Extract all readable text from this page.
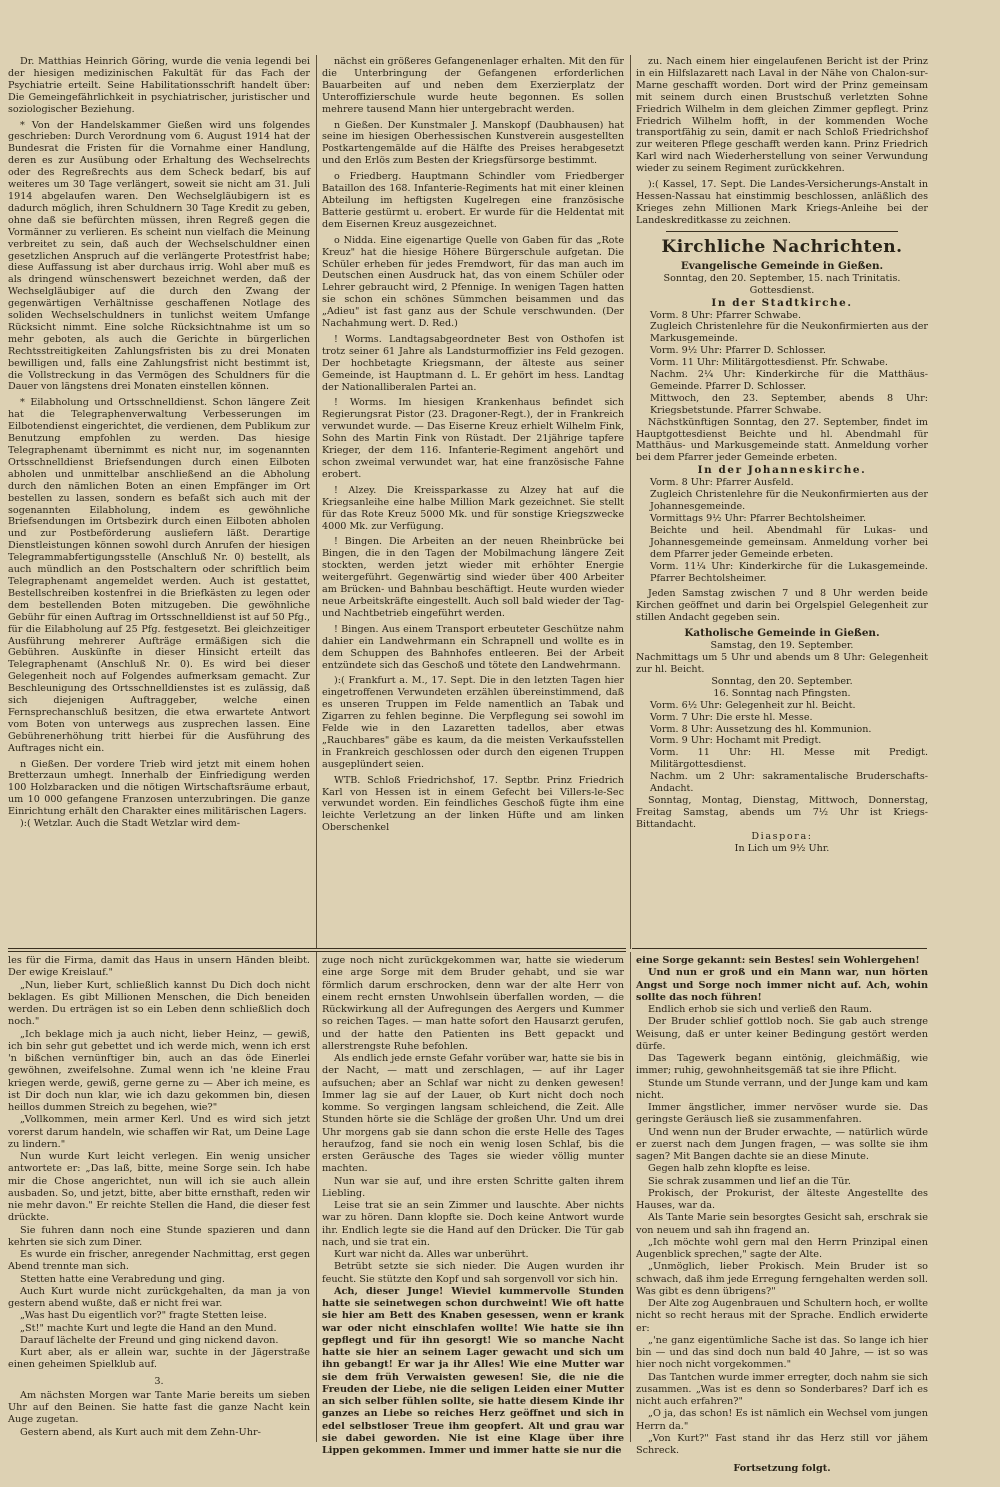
Dr. Matthias Heinrich Göring, wurde die venia legendi bei der hiesigen medizinischen Fakultät für das Fach der Psychiatrie erteilt. Seine Habilitationsschrift handelt über: Die Gemeingefährlichkeit in psychiatrischer, juristischer und soziologischer Beziehung.

* Von der Handelskammer Gießen wird uns folgendes geschrieben: Durch Verordnung vom 6. August 1914 hat der Bundesrat die Fristen für die Vornahme einer Handlung, deren es zur Ausübung oder Erhaltung des Wechselrechts oder des Regreßrechts aus dem Scheck bedarf, bis auf weiteres um 30 Tage verlängert, soweit sie nicht am 31. Juli 1914 abgelaufen waren. Den Wechselgläubigern ist es dadurch möglich, ihren Schuldnern 30 Tage Kredit zu geben, ohne daß sie befürchten müssen, ihren Regreß gegen die Vormänner zu verlieren. Es scheint nun vielfach die Meinung verbreitet zu sein, daß auch der Wechselschuldner einen gesetzlichen Anspruch auf die verlängerte Protestfrist habe; diese Auffassung ist aber durchaus irrig. Wohl aber muß es als dringend wünschenswert bezeichnet werden, daß der Wechselgläubiger auf die durch den Zwang der gegenwärtigen Verhältnisse geschaffenen Notlage des soliden Wechselschuldners in tunlichst weitem Umfange Rücksicht nimmt. Eine solche Rücksichtnahme ist um so mehr geboten, als auch die Gerichte in bürgerlichen Rechtsstreitigkeiten Zahlungsfristen bis zu drei Monaten bewilligen und, falls eine Zahlungsfrist nicht bestimmt ist, die Vollstreckung in das Vermögen des Schuldners für die Dauer von längstens drei Monaten einstellen können.

* Eilabholung und Ortsschnelldienst. Schon längere Zeit hat die Telegraphenverwaltung Verbesserungen im Eilbotendienst eingerichtet, die verdienen, dem Publikum zur Benutzung empfohlen zu werden. Das hiesige Telegraphenamt übernimmt es nicht nur, im sogenannten Ortsschnelldienst Briefsendungen durch einen Eilboten abholen und unmittelbar anschließend an die Abholung durch den nämlichen Boten an einen Empfänger im Ort bestellen zu lassen, sondern es befaßt sich auch mit der sogenannten Eilabholung, indem es gewöhnliche Briefsendungen im Ortsbezirk durch einen Eilboten abholen und zur Postbeförderung ausliefern läßt. Derartige Dienstleistungen können sowohl durch Anrufen der hiesigen Telegrammabfertigungsstelle (Anschluß Nr. 0) bestellt, als auch mündlich an den Postschaltern oder schriftlich beim Telegraphenamt angemeldet werden. Auch ist gestattet, Bestellschreiben kostenfrei in die Briefkästen zu legen oder dem bestellenden Boten mitzugeben. Die gewöhnliche Gebühr für einen Auftrag im Ortsschnelldienst ist auf 50 Pfg., für die Eilabholung auf 25 Pfg. festgesetzt. Bei gleichzeitiger Ausführung mehrerer Aufträge ermäßigen sich die Gebühren. Auskünfte in dieser Hinsicht erteilt das Telegraphenamt (Anschluß Nr. 0). Es wird bei dieser Gelegenheit noch auf Folgendes aufmerksam gemacht. Zur Beschleunigung des Ortsschnelldienstes ist es zulässig, daß sich diejenigen Auftraggeber, welche einen Fernsprechanschluß besitzen, die etwa erwartete Antwort vom Boten von unterwegs aus zusprechen lassen. Eine Gebührenerhöhung tritt hierbei für die Ausführung des Auftrages nicht ein.

n Gießen. Der vordere Trieb wird jetzt mit einem hohen Bretterzaun umhegt. Innerhalb der Einfriedigung werden 100 Holzbaracken und die nötigen Wirtschaftsräume erbaut, um 10 000 gefangene Franzosen unterzubringen. Die ganze Einrichtung erhält den Charakter eines militärischen Lagers.

):( Wetzlar. Auch die Stadt Wetzlar wird dem-

nächst ein größeres Gefangenenlager erhalten. Mit den für die Unterbringung der Gefangenen erforderlichen Bauarbeiten auf und neben dem Exerzierplatz der Unteroffizierschule wurde heute begonnen. Es sollen mehrere tausend Mann hier untergebracht werden.

n Gießen. Der Kunstmaler J. Manskopf (Daubhausen) hat seine im hiesigen Oberhessischen Kunstverein ausgestellten Postkartengemälde auf die Hälfte des Preises herabgesetzt und den Erlös zum Besten der Kriegsfürsorge bestimmt.

o Friedberg. Hauptmann Schindler vom Friedberger Bataillon des 168. Infanterie-Regiments hat mit einer kleinen Abteilung im heftigsten Kugelregen eine französische Batterie gestürmt u. erobert. Er wurde für die Heldentat mit dem Eisernen Kreuz ausgezeichnet.

o Nidda. Eine eigenartige Quelle von Gaben für das „Rote Kreuz" hat die hiesige Höhere Bürgerschule aufgetan. Die Schüler erheben für jedes Fremdwort, für das man auch im Deutschen einen Ausdruck hat, das von einem Schüler oder Lehrer gebraucht wird, 2 Pfennige. In wenigen Tagen hatten sie schon ein schönes Sümmchen beisammen und das „Adieu" ist fast ganz aus der Schule verschwunden. (Der Nachahmung wert. D. Red.)

! Worms. Landtagsabgeordneter Best von Osthofen ist trotz seiner 61 Jahre als Landsturmoffizier ins Feld gezogen. Der hochbetagte Kriegsmann, der älteste aus seiner Gemeinde, ist Hauptmann d. L. Er gehört im hess. Landtag der Nationalliberalen Partei an.

! Worms. Im hiesigen Krankenhaus befindet sich Regierungsrat Pistor (23. Dragoner-Regt.), der in Frankreich verwundet wurde. — Das Eiserne Kreuz erhielt Wilhelm Fink, Sohn des Martin Fink von Rüstadt. Der 21jährige tapfere Krieger, der dem 116. Infanterie-Regiment angehört und schon zweimal verwundet war, hat eine französische Fahne erobert.

! Alzey. Die Kreissparkasse zu Alzey hat auf die Kriegsanleihe eine halbe Million Mark gezeichnet. Sie stellt für das Rote Kreuz 5000 Mk. und für sonstige Kriegszwecke 4000 Mk. zur Verfügung.

! Bingen. Die Arbeiten an der neuen Rheinbrücke bei Bingen, die in den Tagen der Mobilmachung längere Zeit stockten, werden jetzt wieder mit erhöhter Energie weitergeführt. Gegenwärtig sind wieder über 400 Arbeiter am Brücken- und Bahnbau beschäftigt. Heute wurden wieder neue Arbeitskräfte eingestellt. Auch soll bald wieder der Tag- und Nachtbetrieb eingeführt werden.

! Bingen. Aus einem Transport erbeuteter Geschütze nahm dahier ein Landwehrmann ein Schrapnell und wollte es in dem Schuppen des Bahnhofes entleeren. Bei der Arbeit entzündete sich das Geschoß und tötete den Landwehrmann.

):( Frankfurt a. M., 17. Sept. Die in den letzten Tagen hier eingetroffenen Verwundeten erzählen übereinstimmend, daß es unseren Truppen im Felde namentlich an Tabak und Zigarren zu fehlen beginne. Die Verpflegung sei sowohl im Felde wie in den Lazaretten tadellos, aber etwas „Rauchbares" gäbe es kaum, da die meisten Verkaufsstellen in Frankreich geschlossen oder durch den eigenen Truppen ausgeplündert seien.

WTB. Schloß Friedrichshof, 17. Septbr. Prinz Friedrich Karl von Hessen ist in einem Gefecht bei Villers-le-Sec verwundet worden. Ein feindliches Geschoß fügte ihm eine leichte Verletzung an der linken Hüfte und am linken Oberschenkel

zu. Nach einem hier eingelaufenen Bericht ist der Prinz in ein Hilfslazarett nach Laval in der Nähe von Chalon-sur-Marne geschafft worden. Dort wird der Prinz gemeinsam mit seinem durch einen Brustschuß verletzten Sohne Friedrich Wilhelm in dem gleichen Zimmer gepflegt. Prinz Friedrich Wilhelm hofft, in der kommenden Woche transportfähig zu sein, damit er nach Schloß Friedrichshof zur weiteren Pflege geschafft werden kann. Prinz Friedrich Karl wird nach Wiederherstellung von seiner Verwundung wieder zu seinem Regiment zurückkehren.

):( Kassel, 17. Sept. Die Landes-Versicherungs-Anstalt in Hessen-Nassau hat einstimmig beschlossen, anläßlich des Krieges zehn Millionen Mark Kriegs-Anleihe bei der Landeskreditkasse zu zeichnen.

Kirchliche Nachrichten.

Evangelische Gemeinde in Gießen.

Sonntag, den 20. September, 15. nach Trinitatis.

Gottesdienst.

In der Stadtkirche.

Vorm. 8 Uhr: Pfarrer Schwabe.

Zugleich Christenlehre für die Neukonfirmierten aus der Markusgemeinde.

Vorm. 9½ Uhr: Pfarrer D. Schlosser.

Vorm. 11 Uhr: Militärgottesdienst. Pfr. Schwabe.

Nachm. 2¼ Uhr: Kinderkirche für die Matthäus-Gemeinde. Pfarrer D. Schlosser.

Mittwoch, den 23. September, abends 8 Uhr: Kriegsbetstunde. Pfarrer Schwabe.

Nächstkünftigen Sonntag, den 27. September, findet im Hauptgottesdienst Beichte und hl. Abendmahl für Matthäus- und Markusgemeinde statt. Anmeldung vorher bei dem Pfarrer jeder Gemeinde erbeten.

In der Johanneskirche.

Vorm. 8 Uhr: Pfarrer Ausfeld.

Zugleich Christenlehre für die Neukonfirmierten aus der Johannesgemeinde.

Vormittags 9½ Uhr: Pfarrer Bechtolsheimer.

Beichte und heil. Abendmahl für Lukas- und Johannesgemeinde gemeinsam. Anmeldung vorher bei dem Pfarrer jeder Gemeinde erbeten.

Vorm. 11¼ Uhr: Kinderkirche für die Lukasgemeinde. Pfarrer Bechtolsheimer.

Jeden Samstag zwischen 7 und 8 Uhr werden beide Kirchen geöffnet und darin bei Orgelspiel Gelegenheit zur stillen Andacht gegeben sein.

Katholische Gemeinde in Gießen.

Samstag, den 19. September.

Nachmittags um 5 Uhr und abends um 8 Uhr: Gelegenheit zur hl. Beicht.

Sonntag, den 20. September.

16. Sonntag nach Pfingsten.

Vorm. 6½ Uhr: Gelegenheit zur hl. Beicht.

Vorm. 7 Uhr: Die erste hl. Messe.

Vorm. 8 Uhr: Aussetzung des hl. Kommunion.

Vorm. 9 Uhr: Hochamt mit Predigt.

Vorm. 11 Uhr: Hl. Messe mit Predigt. Militärgottesdienst.

Nachm. um 2 Uhr: sakramentalische Bruderschafts-Andacht.

Sonntag, Montag, Dienstag, Mittwoch, Donnerstag, Freitag Samstag, abends um 7½ Uhr ist Kriegs-Bittandacht.

Diaspora:

In Lich um 9½ Uhr.

les für die Firma, damit das Haus in unsern Händen bleibt. Der ewige Kreislauf."

„Nun, lieber Kurt, schließlich kannst Du Dich doch nicht beklagen. Es gibt Millionen Menschen, die Dich beneiden werden. Du erträgen ist so ein Leben denn schließlich doch noch."

„Ich beklage mich ja auch nicht, lieber Heinz, — gewiß, ich bin sehr gut gebettet und ich werde mich, wenn ich erst 'n bißchen vernünftiger bin, auch an das öde Einerlei gewöhnen, zweifelsohne. Zumal wenn ich 'ne kleine Frau kriegen werde, gewiß, gerne gerne zu — Aber ich meine, es ist Dir doch nun klar, wie ich dazu gekommen bin, diesen heillos dummen Streich zu begehen, wie?"

„Vollkommen, mein armer Kerl. Und es wird sich jetzt vorerst darum handeln, wie schaffen wir Rat, um Deine Lage zu lindern."

Nun wurde Kurt leicht verlegen. Ein wenig unsicher antwortete er: „Das laß, bitte, meine Sorge sein. Ich habe mir die Chose angerichtet, nun will ich sie auch allein ausbaden. So, und jetzt, bitte, aber bitte ernsthaft, reden wir nie mehr davon." Er reichte Stellen die Hand, die dieser fest drückte.

Sie fuhren dann noch eine Stunde spazieren und dann kehrten sie sich zum Diner.

Es wurde ein frischer, anregender Nachmittag, erst gegen Abend trennte man sich.

Stetten hatte eine Verabredung und ging.

Auch Kurt wurde nicht zurückgehalten, da man ja von gestern abend wußte, daß er nicht frei war.

„Was hast Du eigentlich vor?" fragte Stetten leise.

„St!" machte Kurt und legte die Hand an den Mund.

Darauf lächelte der Freund und ging nickend davon.

Kurt aber, als er allein war, suchte in der Jägerstraße einen geheimen Spielklub auf.

3.

Am nächsten Morgen war Tante Marie bereits um sieben Uhr auf den Beinen. Sie hatte fast die ganze Nacht kein Auge zugetan.

Gestern abend, als Kurt auch mit dem Zehn-Uhr-

zuge noch nicht zurückgekommen war, hatte sie wiederum eine arge Sorge mit dem Bruder gehabt, und sie war förmlich darum erschrocken, denn war der alte Herr von einem recht ernsten Unwohlsein überfallen worden, — die Rückwirkung all der Aufregungen des Aergers und Kummer so reichen Tages. — man hatte sofort den Hausarzt gerufen, und der hatte den Patienten ins Bett gepackt und allerstrengste Ruhe befohlen.

Als endlich jede ernste Gefahr vorüber war, hatte sie bis in der Nacht, — matt und zerschlagen, — auf ihr Lager aufsuchen; aber an Schlaf war nicht zu denken gewesen! Immer lag sie auf der Lauer, ob Kurt nicht doch noch komme. So vergingen langsam schleichend, die Zeit. Alle Stunden hörte sie die Schläge der großen Uhr. Und um drei Uhr morgens gab sie dann schon die erste Helle des Tages heraufzog, fand sie noch ein wenig losen Schlaf, bis die ersten Geräusche des Tages sie wieder völlig munter machten.

Nun war sie auf, und ihre ersten Schritte galten ihrem Liebling.

Leise trat sie an sein Zimmer und lauschte. Aber nichts war zu hören. Dann klopfte sie. Doch keine Antwort wurde ihr. Endlich legte sie die Hand auf den Drücker. Die Tür gab nach, und sie trat ein.

Kurt war nicht da. Alles war unberührt.

Betrübt setzte sie sich nieder. Die Augen wurden ihr feucht. Sie stützte den Kopf und sah sorgenvoll vor sich hin.

Ach, dieser Junge! Wieviel kummervolle Stunden hatte sie seinetwegen schon durchweint! Wie oft hatte sie hier am Bett des Knaben gesessen, wenn er krank war oder nicht einschlafen wollte! Wie hatte sie ihn gepflegt und für ihn gesorgt! Wie so manche Nacht hatte sie hier an seinem Lager gewacht und sich um ihn gebangt! Er war ja ihr Alles! Wie eine Mutter war sie dem früh Verwaisten gewesen! Sie, die nie die Freuden der Liebe, nie die seligen Leiden einer Mutter an sich selber fühlen sollte, sie hatte diesem Kinde ihr ganzes an Liebe so reiches Herz geöffnet und sich in edel selbstloser Treue ihm geopfert. Alt und grau war sie dabei geworden. Nie ist eine Klage über ihre Lippen gekommen. Immer und immer hatte sie nur die

eine Sorge gekannt: sein Bestes! sein Wohlergehen!

Und nun er groß und ein Mann war, nun hörten Angst und Sorge noch immer nicht auf. Ach, wohin sollte das noch führen!

Endlich erhob sie sich und verließ den Raum.

Der Bruder schlief gottlob noch. Sie gab auch strenge Weisung, daß er unter keiner Bedingung gestört werden dürfe.

Das Tagewerk begann eintönig, gleichmäßig, wie immer; ruhig, gewohnheitsgemäß tat sie ihre Pflicht.

Stunde um Stunde verrann, und der Junge kam und kam nicht.

Immer ängstlicher, immer nervöser wurde sie. Das geringste Geräusch ließ sie zusammenfahren.

Und wenn nun der Bruder erwachte, — natürlich würde er zuerst nach dem Jungen fragen, — was sollte sie ihm sagen? Mit Bangen dachte sie an diese Minute.

Gegen halb zehn klopfte es leise.

Sie schrak zusammen und lief an die Tür.

Prokisch, der Prokurist, der älteste Angestellte des Hauses, war da.

Als Tante Marie sein besorgtes Gesicht sah, erschrak sie von neuem und sah ihn fragend an.

„Ich möchte wohl gern mal den Herrn Prinzipal einen Augenblick sprechen," sagte der Alte.

„Unmöglich, lieber Prokisch. Mein Bruder ist so schwach, daß ihm jede Erregung ferngehalten werden soll. Was gibt es denn übrigens?"

Der Alte zog Augenbrauen und Schultern hoch, er wollte nicht so recht heraus mit der Sprache. Endlich erwiderte er:

„'ne ganz eigentümliche Sache ist das. So lange ich hier bin — und das sind doch nun bald 40 Jahre, — ist so was hier noch nicht vorgekommen."

Das Tantchen wurde immer erregter, doch nahm sie sich zusammen. „Was ist es denn so Sonderbares? Darf ich es nicht auch erfahren?"

„O ja, das schon! Es ist nämlich ein Wechsel vom jungen Herrn da."

„Von Kurt?" Fast stand ihr das Herz still vor jähem Schreck.

Fortsetzung folgt.
